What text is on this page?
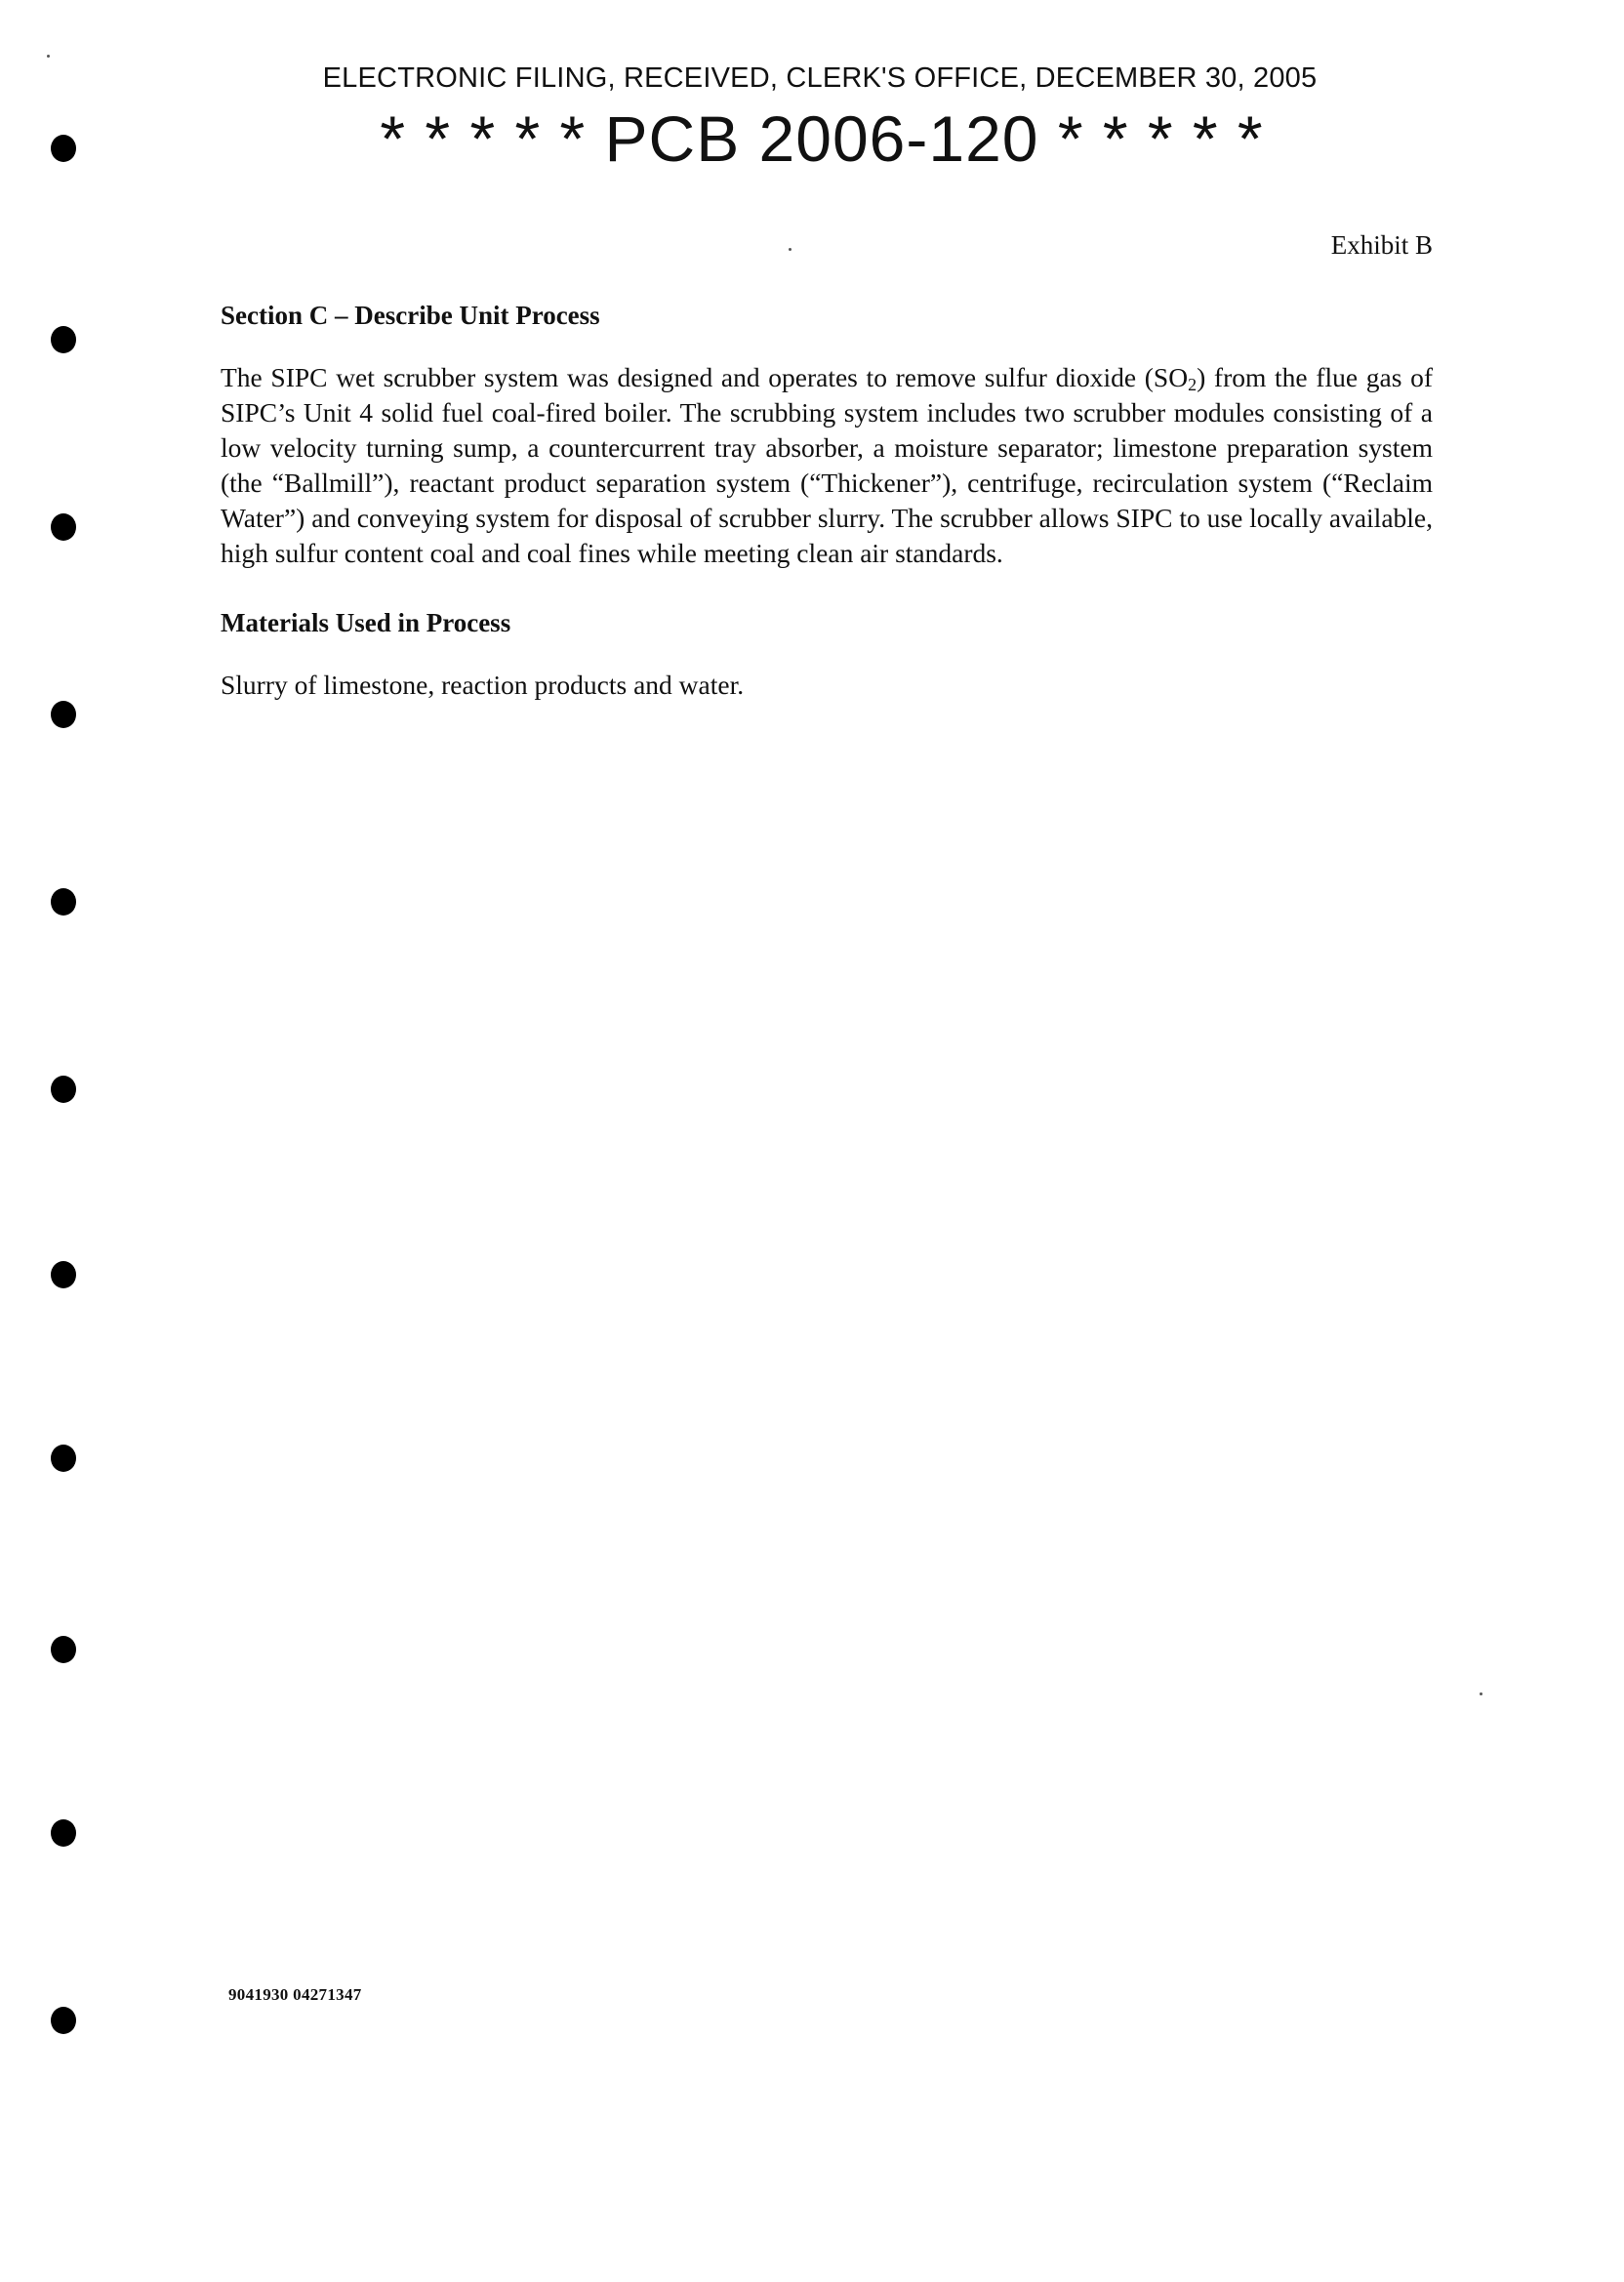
ELECTRONIC FILING, RECEIVED, CLERK'S OFFICE, DECEMBER 30, 2005
* * * * * PCB 2006-120 * * * * *
Exhibit B
Section C – Describe Unit Process

The SIPC wet scrubber system was designed and operates to remove sulfur dioxide $(SO_2)$ from the flue gas of SIPC’s Unit 4 solid fuel coal-fired boiler. The scrubbing system includes two scrubber modules consisting of a low velocity turning sump, a countercurrent tray absorber, a moisture separator; limestone preparation system (the “Ballmill”), reactant product separation system (“Thickener”), centrifuge, recirculation system (“Reclaim Water”) and conveying system for disposal of scrubber slurry. The scrubber allows SIPC to use locally available, high sulfur content coal and coal fines while meeting clean air standards.

Materials Used in Process

Slurry of limestone, reaction products and water.

9041930 04271347
